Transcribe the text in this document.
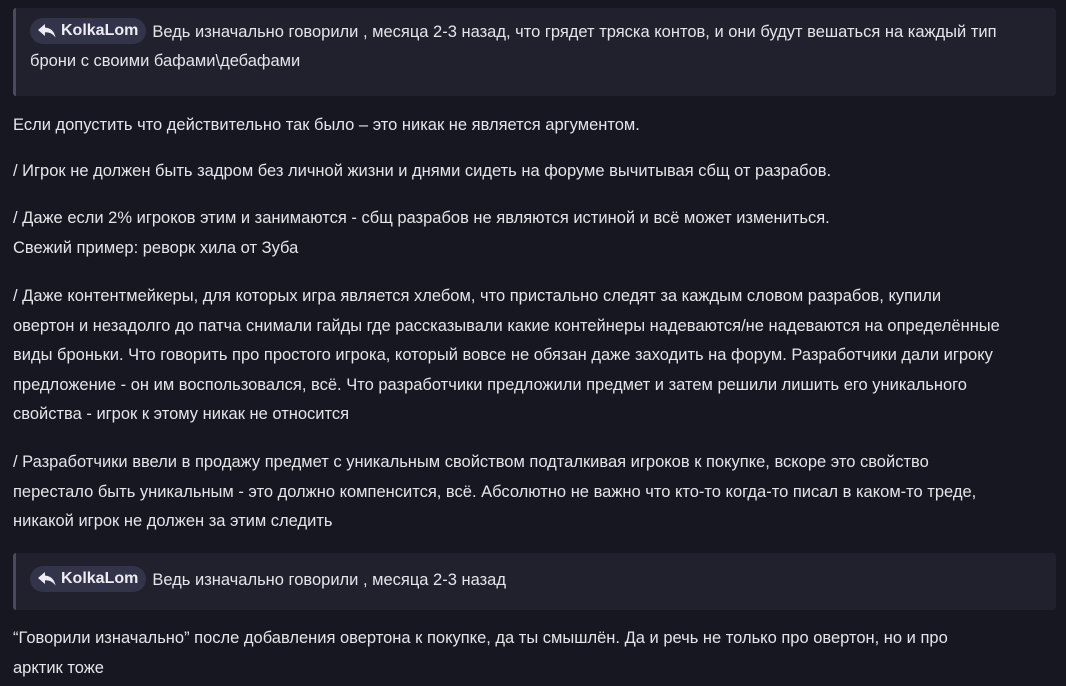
KolkaLom Ведь изначально говорили , месяца 2-3 назад, что грядет тряска контов, и они будут вешаться на каждый тип
брони с своими бафами\дебафами

Если допустить что действительно так было – это никак не является аргументом.

/ Игрок не должен быть задром без личной жизни и днями сидеть на форуме вычитывая сбщ от разрабов.

/ Даже если 2% игроков этим и занимаются - сбщ разрабов не являются истиной и всё может измениться.
Свежий пример: реворк хила от Зуба

/ Даже контентмейкеры, для которых игра является хлебом, что пристально следят за каждым словом разрабов, купили
овертон и незадолго до патча снимали гайды где рассказывали какие контейнеры надеваются/не надеваются на определённые
виды броньки. Что говорить про простого игрока, который вовсе не обязан даже заходить на форум. Разработчики дали игроку
предложение - он им воспользовался, всё. Что разработчики предложили предмет и затем решили лишить его уникального
свойства - игрок к этому никак не относится

/ Разработчики ввели в продажу предмет с уникальным свойством подталкивая игроков к покупке, вскоре это свойство
перестало быть уникальным - это должно компенсится, всё. Абсолютно не важно что кто-то когда-то писал в каком-то треде,
никакой игрок не должен за этим следить

KolkaLom Ведь изначально говорили , месяца 2-3 назад

“Говорили изначально” после добавления овертона к покупке, да ты смышлён. Да и речь не только про овертон, но и про
арктик тоже
